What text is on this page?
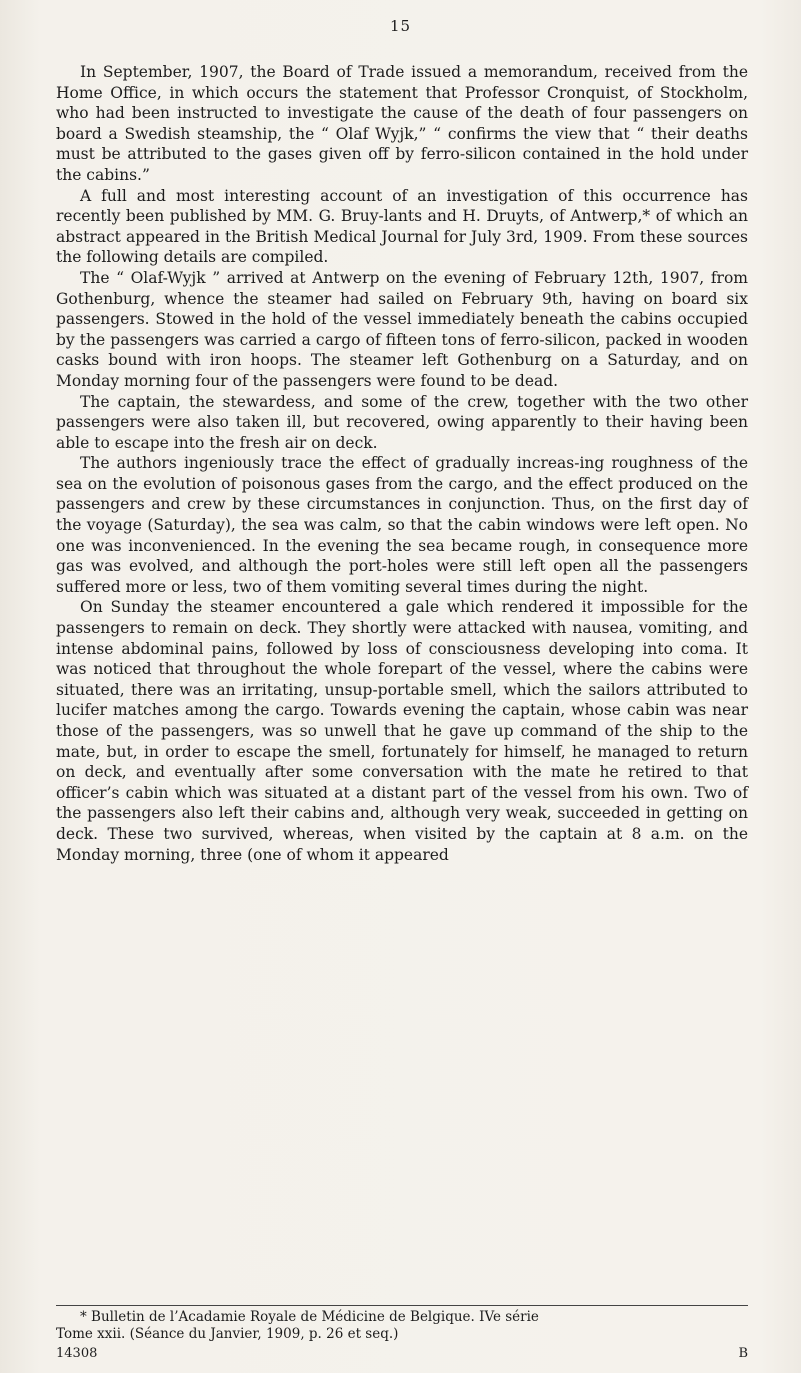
15

In September, 1907, the Board of Trade issued a memorandum, received from the Home Office, in which occurs the statement that Professor Cronquist, of Stockholm, who had been instructed to investigate the cause of the death of four passengers on board a Swedish steamship, the “ Olaf Wyjk,” “ confirms the view that “ their deaths must be attributed to the gases given off by ferro-silicon contained in the hold under the cabins.”

A full and most interesting account of an investigation of this occurrence has recently been published by MM. G. Bruy-lants and H. Druyts, of Antwerp,* of which an abstract appeared in the British Medical Journal for July 3rd, 1909. From these sources the following details are compiled.

The “ Olaf-Wyjk ” arrived at Antwerp on the evening of February 12th, 1907, from Gothenburg, whence the steamer had sailed on February 9th, having on board six passengers. Stowed in the hold of the vessel immediately beneath the cabins occupied by the passengers was carried a cargo of fifteen tons of ferro-silicon, packed in wooden casks bound with iron hoops. The steamer left Gothenburg on a Saturday, and on Monday morning four of the passengers were found to be dead.

The captain, the stewardess, and some of the crew, together with the two other passengers were also taken ill, but recovered, owing apparently to their having been able to escape into the fresh air on deck.

The authors ingeniously trace the effect of gradually increas-ing roughness of the sea on the evolution of poisonous gases from the cargo, and the effect produced on the passengers and crew by these circumstances in conjunction. Thus, on the first day of the voyage (Saturday), the sea was calm, so that the cabin windows were left open. No one was inconvenienced. In the evening the sea became rough, in consequence more gas was evolved, and although the port-holes were still left open all the passengers suffered more or less, two of them vomiting several times during the night.

On Sunday the steamer encountered a gale which rendered it impossible for the passengers to remain on deck. They shortly were attacked with nausea, vomiting, and intense abdominal pains, followed by loss of consciousness developing into coma. It was noticed that throughout the whole forepart of the vessel, where the cabins were situated, there was an irritating, unsup-portable smell, which the sailors attributed to lucifer matches among the cargo. Towards evening the captain, whose cabin was near those of the passengers, was so unwell that he gave up command of the ship to the mate, but, in order to escape the smell, fortunately for himself, he managed to return on deck, and eventually after some conversation with the mate he retired to that officer’s cabin which was situated at a distant part of the vessel from his own. Two of the passengers also left their cabins and, although very weak, succeeded in getting on deck. These two survived, whereas, when visited by the captain at 8 a.m. on the Monday morning, three (one of whom it appeared

* Bulletin de l’Acadamie Royale de Médicine de Belgique. IVe série
Tome xxii. (Séance du Janvier, 1909, p. 26 et seq.)
14308	B
